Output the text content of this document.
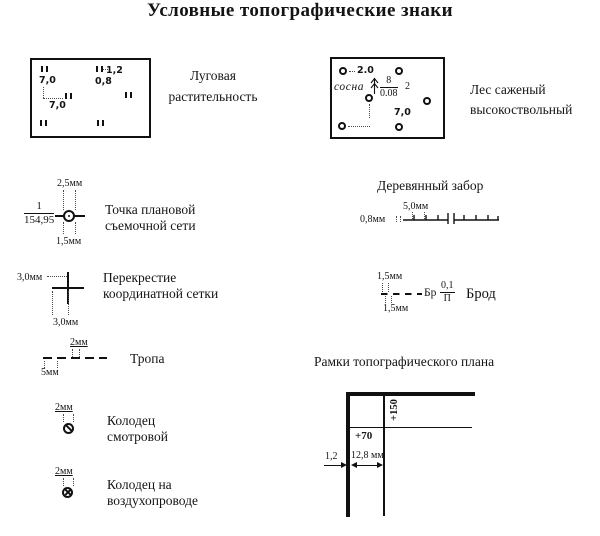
Условные топографические знаки
7,0
7,0
1,2
0,8	Луговая
растительность
2.0
сосна $\frac{8}{0.08} 2$
7,0
Лес саженый
высокоствольный
2,5мм
$\frac{1}{154,95}$
1,5мм
Точка плановой
съемочной сети
3,0мм
3,0мм
Перекрестие
координатной сетки
2мм
5мм
Тропа
2мм
Колодец
смотровой
2мм
Колодец на
воздухопроводе
Деревянный забор
5,0мм
0,8мм
1,5мм
1,5мм
Бр
0,1
П Брод
Рамки топографического плана
+150
+70
1,2 12,8 мм
